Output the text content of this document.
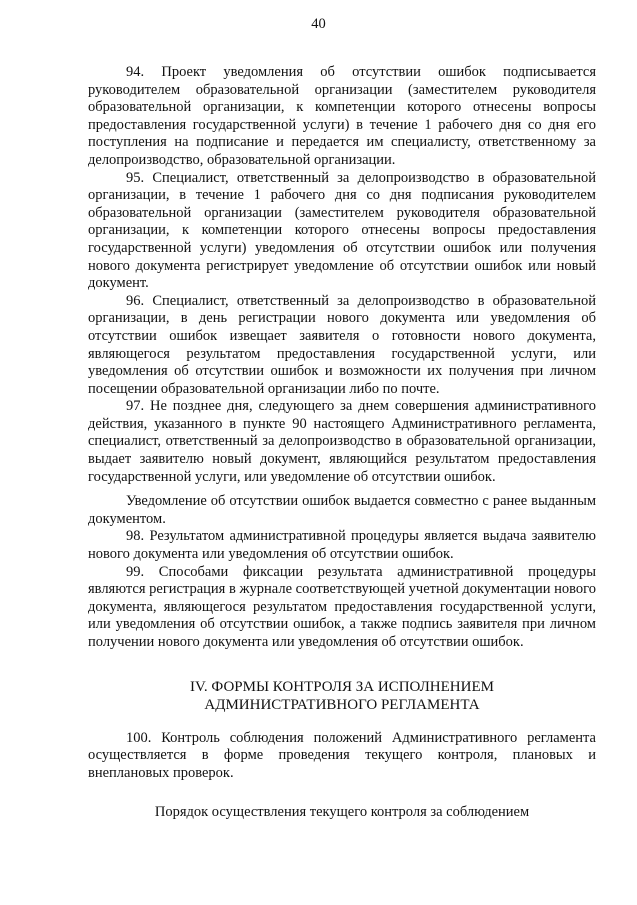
40

94. Проект уведомления об отсутствии ошибок подписывается руководителем образовательной организации (заместителем руководителя образовательной организации, к компетенции которого отнесены вопросы предоставления государственной услуги) в течение 1 рабочего дня со дня его поступления на подписание и передается им специалисту, ответственному за делопроизводство, образовательной организации.

95. Специалист, ответственный за делопроизводство в образовательной организации, в течение 1 рабочего дня со дня подписания руководителем образовательной организации (заместителем руководителя образовательной организации, к компетенции которого отнесены вопросы предоставления государственной услуги) уведомления об отсутствии ошибок или получения нового документа регистрирует уведомление об отсутствии ошибок или новый документ.

96. Специалист, ответственный за делопроизводство в образовательной организации, в день регистрации нового документа или уведомления об отсутствии ошибок извещает заявителя о готовности нового документа, являющегося результатом предоставления государственной услуги, или уведомления об отсутствии ошибок и возможности их получения при личном посещении образовательной организации либо по почте.

97. Не позднее дня, следующего за днем совершения административного действия, указанного в пункте 90 настоящего Административного регламента, специалист, ответственный за делопроизводство в образовательной организации, выдает заявителю новый документ, являющийся результатом предоставления государственной услуги, или уведомление об отсутствии ошибок.

Уведомление об отсутствии ошибок выдается совместно с ранее выданным документом.

98. Результатом административной процедуры является выдача заявителю нового документа или уведомления об отсутствии ошибок.

99. Способами фиксации результата административной процедуры являются регистрация в журнале соответствующей учетной документации нового документа, являющегося результатом предоставления государственной услуги, или уведомления об отсутствии ошибок, а также подпись заявителя при личном получении нового документа или уведомления об отсутствии ошибок.

IV. ФОРМЫ КОНТРОЛЯ ЗА ИСПОЛНЕНИЕМ
АДМИНИСТРАТИВНОГО РЕГЛАМЕНТА

100. Контроль соблюдения положений Административного регламента осуществляется в форме проведения текущего контроля, плановых и внеплановых проверок.

Порядок осуществления текущего контроля за соблюдением
